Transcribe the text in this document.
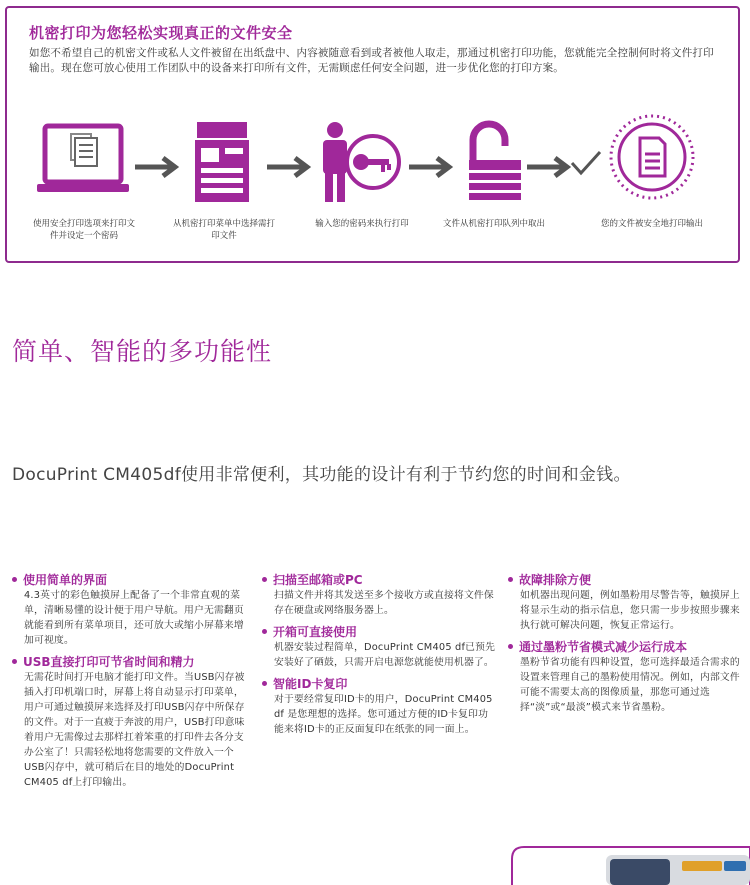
机密打印为您轻松实现真正的文件安全
如您不希望自己的机密文件或私人文件被留在出纸盘中、内容被随意看到或者被他人取走，那通过机密打印功能，您就能完全控制何时将文件打印输出。现在您可放心使用工作团队中的设备来打印所有文件，无需顾虑任何安全问题，进一步优化您的打印方案。
使用安全打印选项来打印文件并设定一个密码
从机密打印菜单中选择需打印文件
输入您的密码来执行打印	文件从机密打印队列中取出	您的文件被安全地打印输出
简单、智能的多功能性
DocuPrint CM405df使用非常便利，其功能的设计有利于节约您的时间和金钱。
使用简单的界面
4.3英寸的彩色触摸屏上配备了一个非常直观的菜单，清晰易懂的设计便于用户导航。用户无需翻页就能看到所有菜单项目，还可放大或缩小屏幕来增加可视度。
USB直接打印可节省时间和精力
无需花时间打开电脑才能打印文件。当USB闪存被插入打印机端口时，屏幕上将自动显示打印菜单，用户可通过触摸屏来选择及打印USB闪存中所保存的文件。对于一直疲于奔波的用户，USB打印意味着用户无需像过去那样扛着笨重的打印件去各分支办公室了！只需轻松地将您需要的文件放入一个USB闪存中，就可稍后在目的地处的DocuPrint CM405 df上打印输出。
扫描至邮箱或PC
扫描文件并将其发送至多个接收方或直接将文件保存在硬盘或网络服务器上。
开箱可直接使用
机器安装过程简单，DocuPrint CM405 df已预先安装好了硒鼓，只需开启电源您就能使用机器了。
智能ID卡复印
对于要经常复印ID卡的用户，DocuPrint CM405 df 是您理想的选择。您可通过方便的ID卡复印功能来将ID卡的正反面复印在纸张的同一面上。
故障排除方便
如机器出现问题，例如墨粉用尽警告等，触摸屏上将显示生动的指示信息，您只需一步步按照步骤来执行就可解决问题，恢复正常运行。
通过墨粉节省模式减少运行成本
墨粉节省功能有四种设置，您可选择最适合需求的设置来管理自己的墨粉使用情况。例如，内部文件可能不需要太高的图像质量，那您可通过选择“淡”或“最淡”模式来节省墨粉。
